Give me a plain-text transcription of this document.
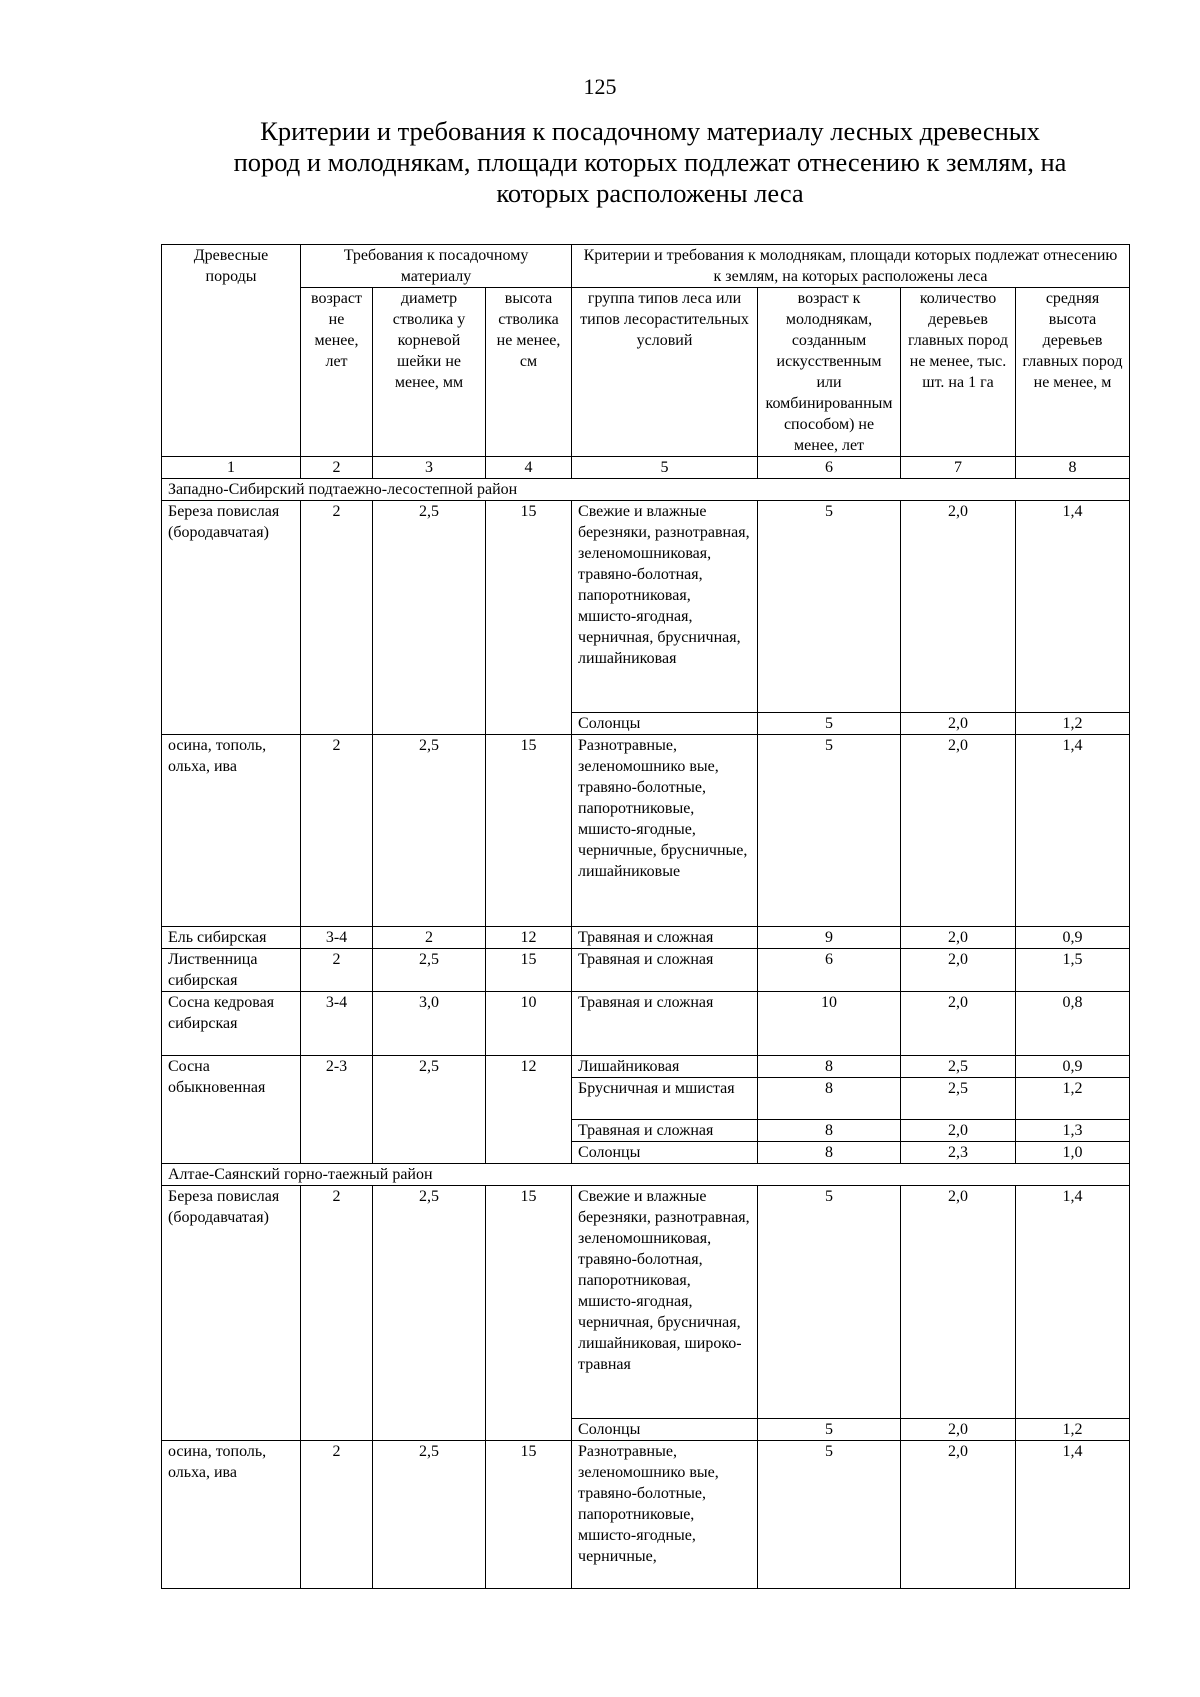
125
Критерии и требования к посадочному материалу лесных древесных
пород и молоднякам, площади которых подлежат отнесению к землям, на
которых расположены леса
Древесные породы	Требования к посадочному материалу			Критерии и требования к молоднякам, площади которых подлежат отнесению к землям, на которых расположены леса			
	возраст не менее, лет	диаметр стволика у корневой шейки не менее, мм	высота стволика не менее, см	группа типов леса или типов лесорастительных условий	возраст к молоднякам, созданным искусственным или комбинированным способом) не менее, лет	количество деревьев главных пород не менее, тыс. шт. на 1 га	средняя высота деревьев главных пород не менее, м
1	2	3	4	5	6	7	8
Западно-Сибирский подтаежно-лесостепной район							
Береза повислая (бородавчатая)	2	2,5	15	Свежие и влажные березняки, разнотравная, зеленомошниковая, травяно-болотная, папоротниковая, мшисто-ягодная, черничная, брусничная, лишайниковая	5	2,0	1,4
				Солонцы	5	2,0	1,2
осина, тополь, ольха, ива	2	2,5	15	Разнотравные, зеленомошнико вые, травяно-болотные, папоротниковые, мшисто-ягодные, черничные, брусничные, лишайниковые	5	2,0	1,4
Ель сибирская	3-4	2	12	Травяная и сложная	9	2,0	0,9
Лиственница сибирская	2	2,5	15	Травяная и сложная	6	2,0	1,5
Сосна кедровая сибирская	3-4	3,0	10	Травяная и сложная	10	2,0	0,8
Сосна обыкновенная	2-3	2,5	12	Лишайниковая	8	2,5	0,9
				Брусничная и мшистая	8	2,5	1,2
				Травяная и сложная	8	2,0	1,3
				Солонцы	8	2,3	1,0
Алтае-Саянский горно-таежный район							
Береза повислая (бородавчатая)	2	2,5	15	Свежие и влажные березняки, разнотравная, зеленомошниковая, травяно-болотная, папоротниковая, мшисто-ягодная, черничная, брусничная, лишайниковая, широко-травная	5	2,0	1,4
				Солонцы	5	2,0	1,2
осина, тополь, ольха, ива	2	2,5	15	Разнотравные, зеленомошнико вые, травяно-болотные, папоротниковые, мшисто-ягодные, черничные,	5	2,0	1,4
